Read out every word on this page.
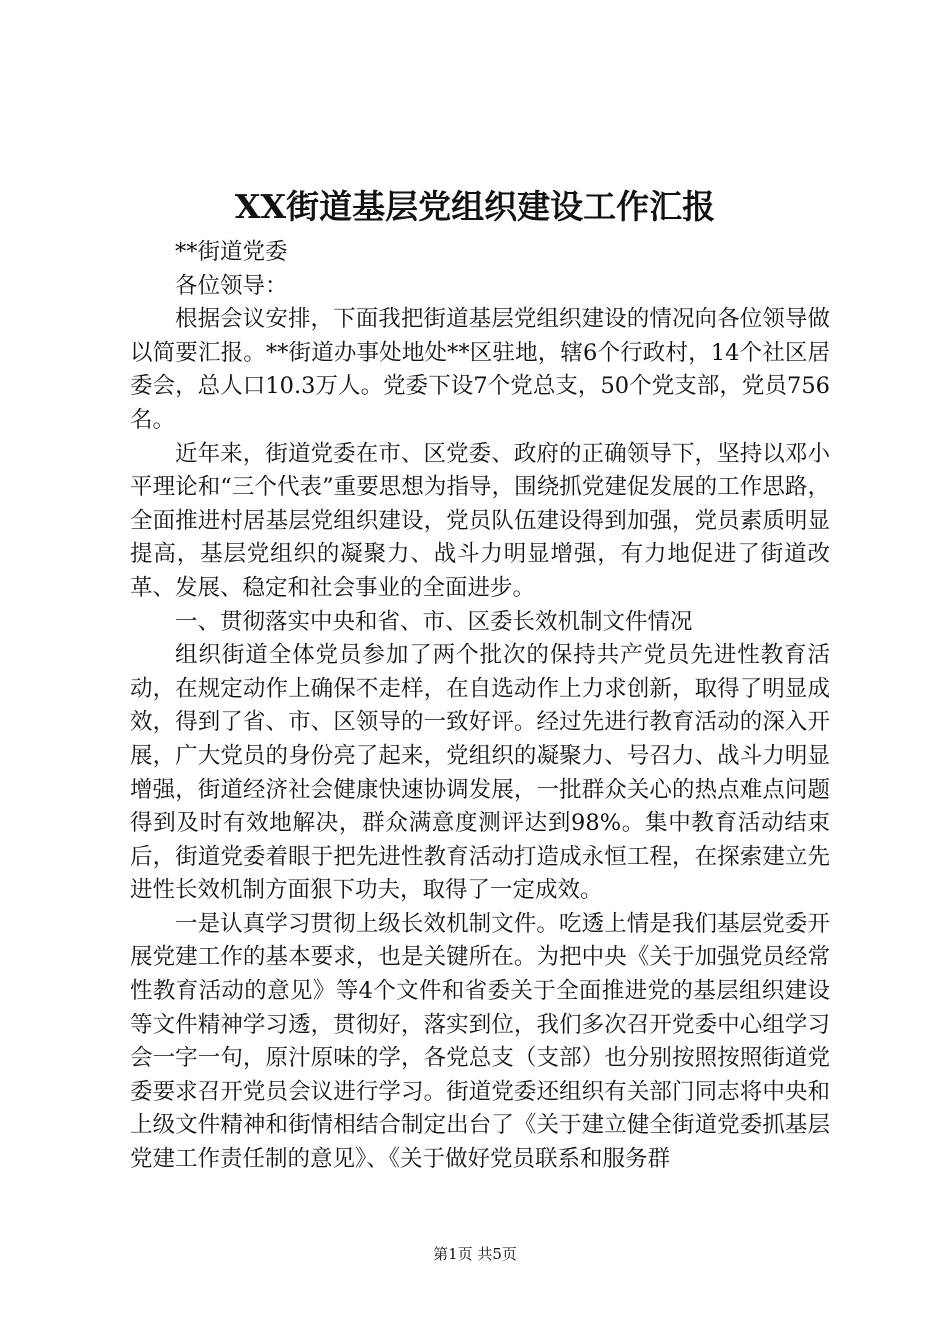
XX街道基层党组织建设工作汇报

**街道党委

各位领导：

根据会议安排，下面我把街道基层党组织建设的情况向各位领导做以简要汇报。**街道办事处地处**区驻地，辖6个行政村，14个社区居委会，总人口10.3万人。党委下设7个党总支，50个党支部，党员756名。

近年来，街道党委在市、区党委、政府的正确领导下，坚持以邓小平理论和“三个代表”重要思想为指导，围绕抓党建促发展的工作思路，全面推进村居基层党组织建设，党员队伍建设得到加强，党员素质明显提高，基层党组织的凝聚力、战斗力明显增强，有力地促进了街道改革、发展、稳定和社会事业的全面进步。

一、贯彻落实中央和省、市、区委长效机制文件情况

组织街道全体党员参加了两个批次的保持共产党员先进性教育活动，在规定动作上确保不走样，在自选动作上力求创新，取得了明显成效，得到了省、市、区领导的一致好评。经过先进行教育活动的深入开展，广大党员的身份亮了起来，党组织的凝聚力、号召力、战斗力明显增强，街道经济社会健康快速协调发展，一批群众关心的热点难点问题得到及时有效地解决，群众满意度测评达到98%。集中教育活动结束后，街道党委着眼于把先进性教育活动打造成永恒工程，在探索建立先进性长效机制方面狠下功夫，取得了一定成效。

一是认真学习贯彻上级长效机制文件。吃透上情是我们基层党委开展党建工作的基本要求，也是关键所在。为把中央《关于加强党员经常性教育活动的意见》等4个文件和省委关于全面推进党的基层组织建设等文件精神学习透，贯彻好，落实到位，我们多次召开党委中心组学习会一字一句，原汁原味的学，各党总支（支部）也分别按照按照街道党委要求召开党员会议进行学习。街道党委还组织有关部门同志将中央和上级文件精神和街情相结合制定出台了《关于建立健全街道党委抓基层党建工作责任制的意见》、《关于做好党员联系和服务群

第1页 共5页
